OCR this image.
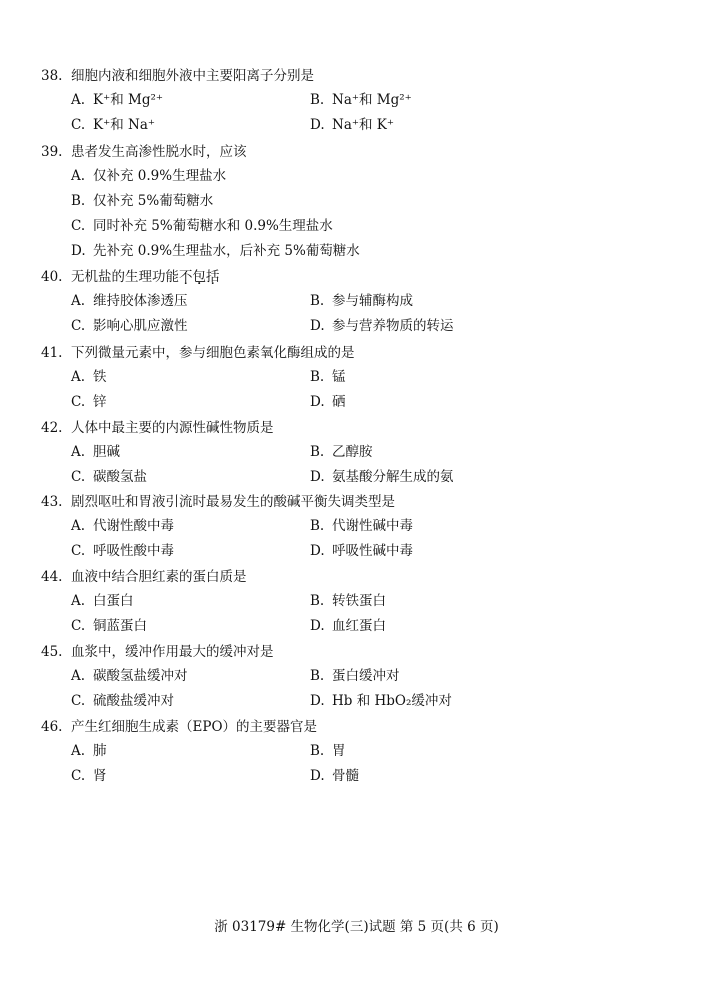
38. 细胞内液和细胞外液中主要阳离子分别是
A. K⁺和 Mg²⁺	B. Na⁺和 Mg²⁺
C. K⁺和 Na⁺	D. Na⁺和 K⁺
39. 患者发生高渗性脱水时，应该
A. 仅补充 0.9%生理盐水
B. 仅补充 5%葡萄糖水
C. 同时补充 5%葡萄糖水和 0.9%生理盐水
D. 先补充 0.9%生理盐水，后补充 5%葡萄糖水
40. 无机盐的生理功能不包括
A. 维持胶体渗透压	B. 参与辅酶构成
C. 影响心肌应激性	D. 参与营养物质的转运
41. 下列微量元素中，参与细胞色素氧化酶组成的是
A. 铁	B. 锰
C. 锌	D. 硒
42. 人体中最主要的内源性碱性物质是
A. 胆碱	B. 乙醇胺
C. 碳酸氢盐	D. 氨基酸分解生成的氨
43. 剧烈呕吐和胃液引流时最易发生的酸碱平衡失调类型是
A. 代谢性酸中毒	B. 代谢性碱中毒
C. 呼吸性酸中毒	D. 呼吸性碱中毒
44. 血液中结合胆红素的蛋白质是
A. 白蛋白	B. 转铁蛋白
C. 铜蓝蛋白	D. 血红蛋白
45. 血浆中，缓冲作用最大的缓冲对是
A. 碳酸氢盐缓冲对	B. 蛋白缓冲对
C. 硫酸盐缓冲对	D. Hb 和 HbO₂缓冲对
46. 产生红细胞生成素（EPO）的主要器官是
A. 肺	B. 胃
C. 肾	D. 骨髓
浙 03179# 生物化学(三)试题 第 5 页(共 6 页)
